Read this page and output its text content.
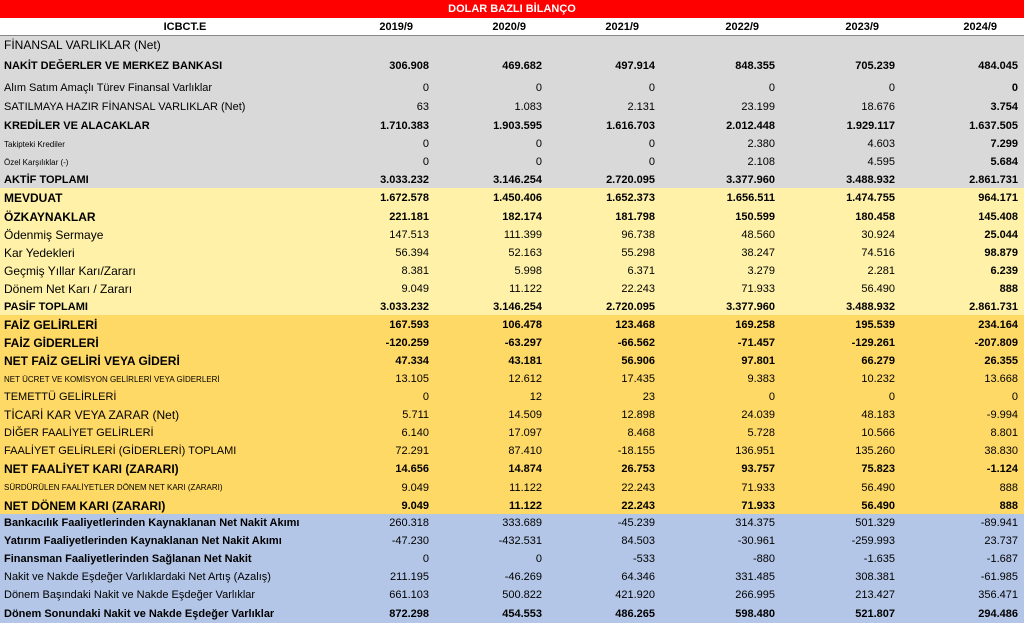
DOLAR BAZLI BİLANÇO
ICBCT.E	2019/9	2020/9	2021/9	2022/9	2023/9	2024/9
FİNANSAL VARLIKLAR (Net)						
NAKİT DEĞERLER VE MERKEZ BANKASI	306.908	469.682	497.914	848.355	705.239	484.045
Alım Satım Amaçlı Türev Finansal Varlıklar	0	0	0	0	0	0
SATILMAYA HAZIR FİNANSAL VARLIKLAR (Net)	63	1.083	2.131	23.199	18.676	3.754
KREDİLER VE ALACAKLAR	1.710.383	1.903.595	1.616.703	2.012.448	1.929.117	1.637.505
Takipteki Krediler	0	0	0	2.380	4.603	7.299
Özel Karşılıklar (-)	0	0	0	2.108	4.595	5.684
AKTİF TOPLAMI	3.033.232	3.146.254	2.720.095	3.377.960	3.488.932	2.861.731
MEVDUAT	1.672.578	1.450.406	1.652.373	1.656.511	1.474.755	964.171
ÖZKAYNAKLAR	221.181	182.174	181.798	150.599	180.458	145.408
Ödenmiş Sermaye	147.513	111.399	96.738	48.560	30.924	25.044
Kar Yedekleri	56.394	52.163	55.298	38.247	74.516	98.879
Geçmiş Yıllar Karı/Zararı	8.381	5.998	6.371	3.279	2.281	6.239
Dönem Net Karı / Zararı	9.049	11.122	22.243	71.933	56.490	888
PASİF TOPLAMI	3.033.232	3.146.254	2.720.095	3.377.960	3.488.932	2.861.731
FAİZ GELİRLERİ	167.593	106.478	123.468	169.258	195.539	234.164
FAİZ GİDERLERİ	-120.259	-63.297	-66.562	-71.457	-129.261	-207.809
NET FAİZ GELİRİ VEYA GİDERİ	47.334	43.181	56.906	97.801	66.279	26.355
NET ÜCRET VE KOMİSYON GELİRLERİ VEYA GİDERLERİ	13.105	12.612	17.435	9.383	10.232	13.668
TEMETTÜ GELİRLERİ	0	12	23	0	0	0
TİCARİ KAR VEYA ZARAR (Net)	5.711	14.509	12.898	24.039	48.183	-9.994
DİĞER FAALİYET GELİRLERİ	6.140	17.097	8.468	5.728	10.566	8.801
FAALİYET GELİRLERİ (GİDERLERİ) TOPLAMI	72.291	87.410	-18.155	136.951	135.260	38.830
NET FAALİYET KARI (ZARARI)	14.656	14.874	26.753	93.757	75.823	-1.124
SÜRDÜRÜLEN FAALİYETLER DÖNEM NET KARI (ZARARI)	9.049	11.122	22.243	71.933	56.490	888
NET DÖNEM KARI (ZARARI)	9.049	11.122	22.243	71.933	56.490	888
Bankacılık Faaliyetlerinden Kaynaklanan Net Nakit Akımı	260.318	333.689	-45.239	314.375	501.329	-89.941
Yatırım Faaliyetlerinden Kaynaklanan Net Nakit Akımı	-47.230	-432.531	84.503	-30.961	-259.993	23.737
Finansman Faaliyetlerinden Sağlanan Net Nakit	0	0	-533	-880	-1.635	-1.687
Nakit ve Nakde Eşdeğer Varlıklardaki Net Artış (Azalış)	211.195	-46.269	64.346	331.485	308.381	-61.985
Dönem Başındaki Nakit ve Nakde Eşdeğer Varlıklar	661.103	500.822	421.920	266.995	213.427	356.471
Dönem Sonundaki Nakit ve Nakde Eşdeğer Varlıklar	872.298	454.553	486.265	598.480	521.807	294.486
